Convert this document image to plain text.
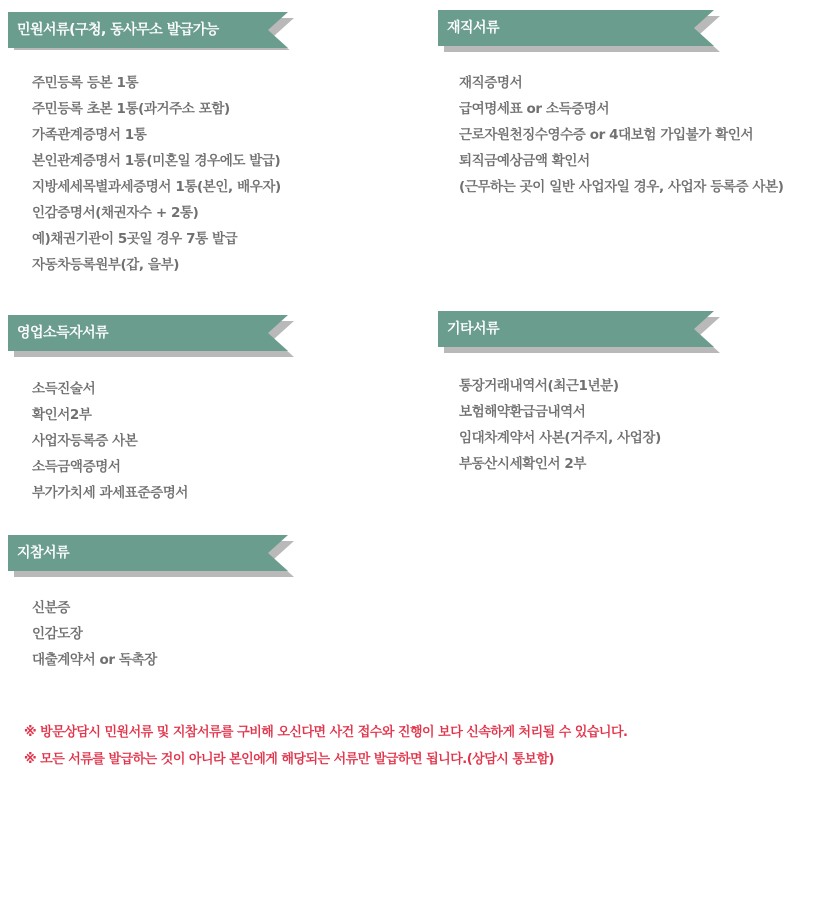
민원서류(구청, 동사무소 발급가능
주민등록 등본 1통
주민등록 초본 1통(과거주소 포함)
가족관계증명서 1통
본인관계증명서 1통(미혼일 경우에도 발급)
지방세세목별과세증명서 1통(본인, 배우자)
인감증명서(채권자수 + 2통)
예)채권기관이 5곳일 경우 7통 발급
자동차등록원부(갑, 을부)
재직서류
재직증명서
급여명세표 or 소득증명서
근로자원천징수영수증 or 4대보험 가입불가 확인서
퇴직금예상금액 확인서
(근무하는 곳이 일반 사업자일 경우, 사업자 등록증 사본)
영업소득자서류
소득진술서
확인서2부
사업자등록증 사본
소득금액증명서
부가가치세 과세표준증명서
기타서류
통장거래내역서(최근1년분)
보험해약환급금내역서
임대차계약서 사본(거주지, 사업장)
부동산시세확인서 2부
지참서류
신분증
인감도장
대출계약서 or 독촉장
※ 방문상담시 민원서류 및 지참서류를 구비해 오신다면 사건 접수와 진행이 보다 신속하게 처리될 수 있습니다.
※ 모든 서류를 발급하는 것이 아니라 본인에게 해당되는 서류만 발급하면 됩니다.(상담시 통보함)
